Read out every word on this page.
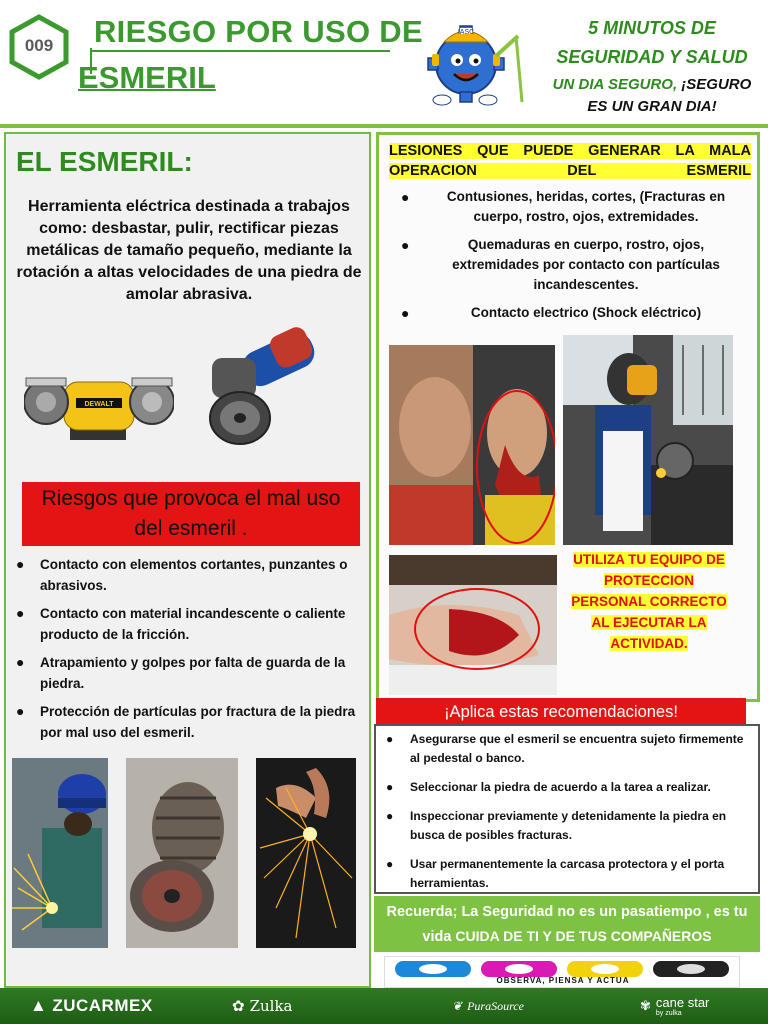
009	RIESGO POR USO DE
ESMERIL
IASC	5 MINUTOS DE
SEGURIDAD Y SALUD
UN DIA SEGURO, ¡SEGURO
ES UN GRAN DIA!
EL ESMERIL:
Herramienta eléctrica destinada a trabajos como: desbastar, pulir, rectificar piezas metálicas de tamaño pequeño, mediante la rotación a altas velocidades de una piedra de amolar abrasiva.
DEWALT
Riesgos que provoca el mal uso del esmeril .
● Contacto con elementos cortantes, punzantes o abrasivos.
● Contacto con material incandescente o caliente producto de la fricción.
● Atrapamiento y golpes por falta de guarda de la piedra.
● Protección de partículas por fractura de la piedra por mal uso del esmeril.
LESIONES QUE PUEDE GENERAR LA MALA
OPERACION DEL ESMERIL
● Contusiones, heridas, cortes, (Fracturas en cuerpo, rostro, ojos, extremidades.
● Quemaduras en cuerpo, rostro, ojos, extremidades por contacto con partículas incandescentes.
● Contacto electrico (Shock eléctrico)
UTILIZA TU EQUIPO DE PROTECCION PERSONAL CORRECTO AL EJECUTAR LA ACTIVIDAD.
¡Aplica estas recomendaciones!
● Asegurarse que el esmeril se encuentra sujeto firmemente al pedestal o banco.
● Seleccionar la piedra de acuerdo a la tarea a realizar.
● Inspeccionar previamente y detenidamente la piedra en busca de posibles fracturas.
● Usar permanentemente la carcasa protectora y el porta herramientas.
Recuerda; La Seguridad no es un pasatiempo , es tu
vida CUIDA DE TI Y DE TUS COMPAÑEROS
OBSERVA, PIENSA Y ACTUA
▲ ZUCARMEX	✿ Zulka	❦ PuraSource	✾ cane star
by zulka
